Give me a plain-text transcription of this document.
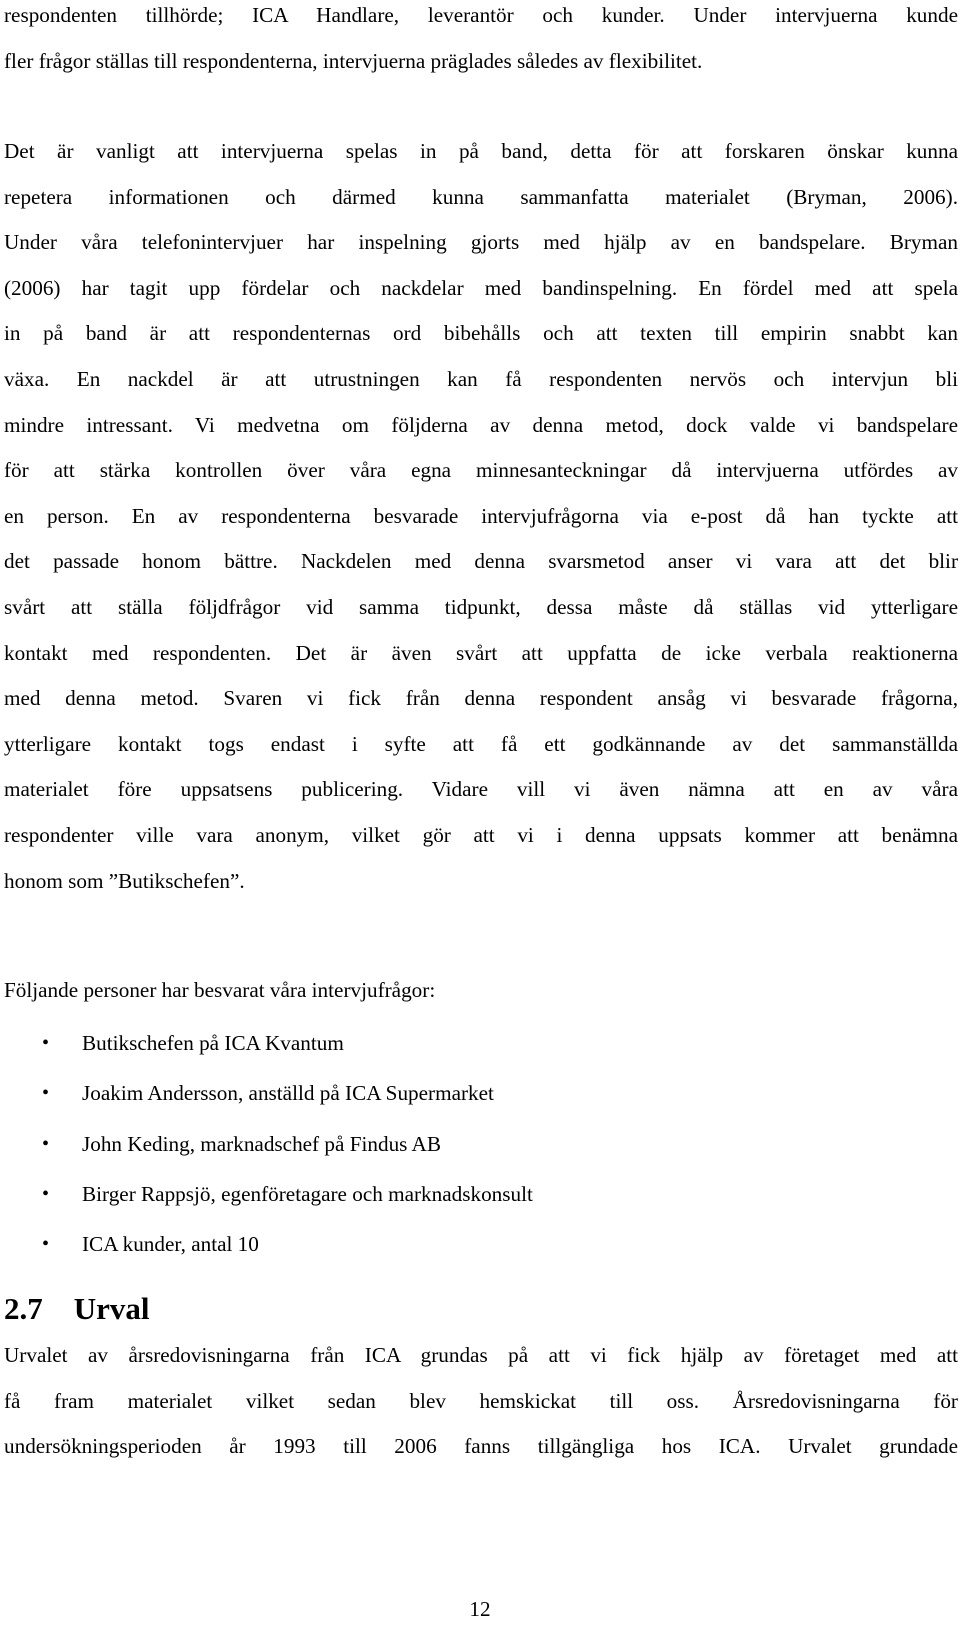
respondenten tillhörde; ICA Handlare, leverantör och kunder. Under intervjuerna kunde
fler frågor ställas till respondenterna, intervjuerna präglades således av flexibilitet.

Det är vanligt att intervjuerna spelas in på band, detta för att forskaren önskar kunna
repetera informationen och därmed kunna sammanfatta materialet (Bryman, 2006).
Under våra telefonintervjuer har inspelning gjorts med hjälp av en bandspelare. Bryman
(2006) har tagit upp fördelar och nackdelar med bandinspelning. En fördel med att spela
in på band är att respondenternas ord bibehålls och att texten till empirin snabbt kan
växa. En nackdel är att utrustningen kan få respondenten nervös och intervjun bli
mindre intressant. Vi medvetna om följderna av denna metod, dock valde vi bandspelare
för att stärka kontrollen över våra egna minnesanteckningar då intervjuerna utfördes av
en person. En av respondenterna besvarade intervjufrågorna via e-post då han tyckte att
det passade honom bättre. Nackdelen med denna svarsmetod anser vi vara att det blir
svårt att ställa följdfrågor vid samma tidpunkt, dessa måste då ställas vid ytterligare
kontakt med respondenten. Det är även svårt att uppfatta de icke verbala reaktionerna
med denna metod. Svaren vi fick från denna respondent ansåg vi besvarade frågorna,
ytterligare kontakt togs endast i syfte att få ett godkännande av det sammanställda
materialet före uppsatsens publicering. Vidare vill vi även nämna att en av våra
respondenter ville vara anonym, vilket gör att vi i denna uppsats kommer att benämna
honom som ”Butikschefen”.

Följande personer har besvarat våra intervjufrågor:

• Butikschefen på ICA Kvantum
• Joakim Andersson, anställd på ICA Supermarket
• John Keding, marknadschef på Findus AB
• Birger Rappsjö, egenföretagare och marknadskonsult
• ICA kunder, antal 10
2.7 Urval

Urvalet av årsredovisningarna från ICA grundas på att vi fick hjälp av företaget med att
få fram materialet vilket sedan blev hemskickat till oss. Årsredovisningarna för
undersökningsperioden år 1993 till 2006 fanns tillgängliga hos ICA. Urvalet grundade

12
